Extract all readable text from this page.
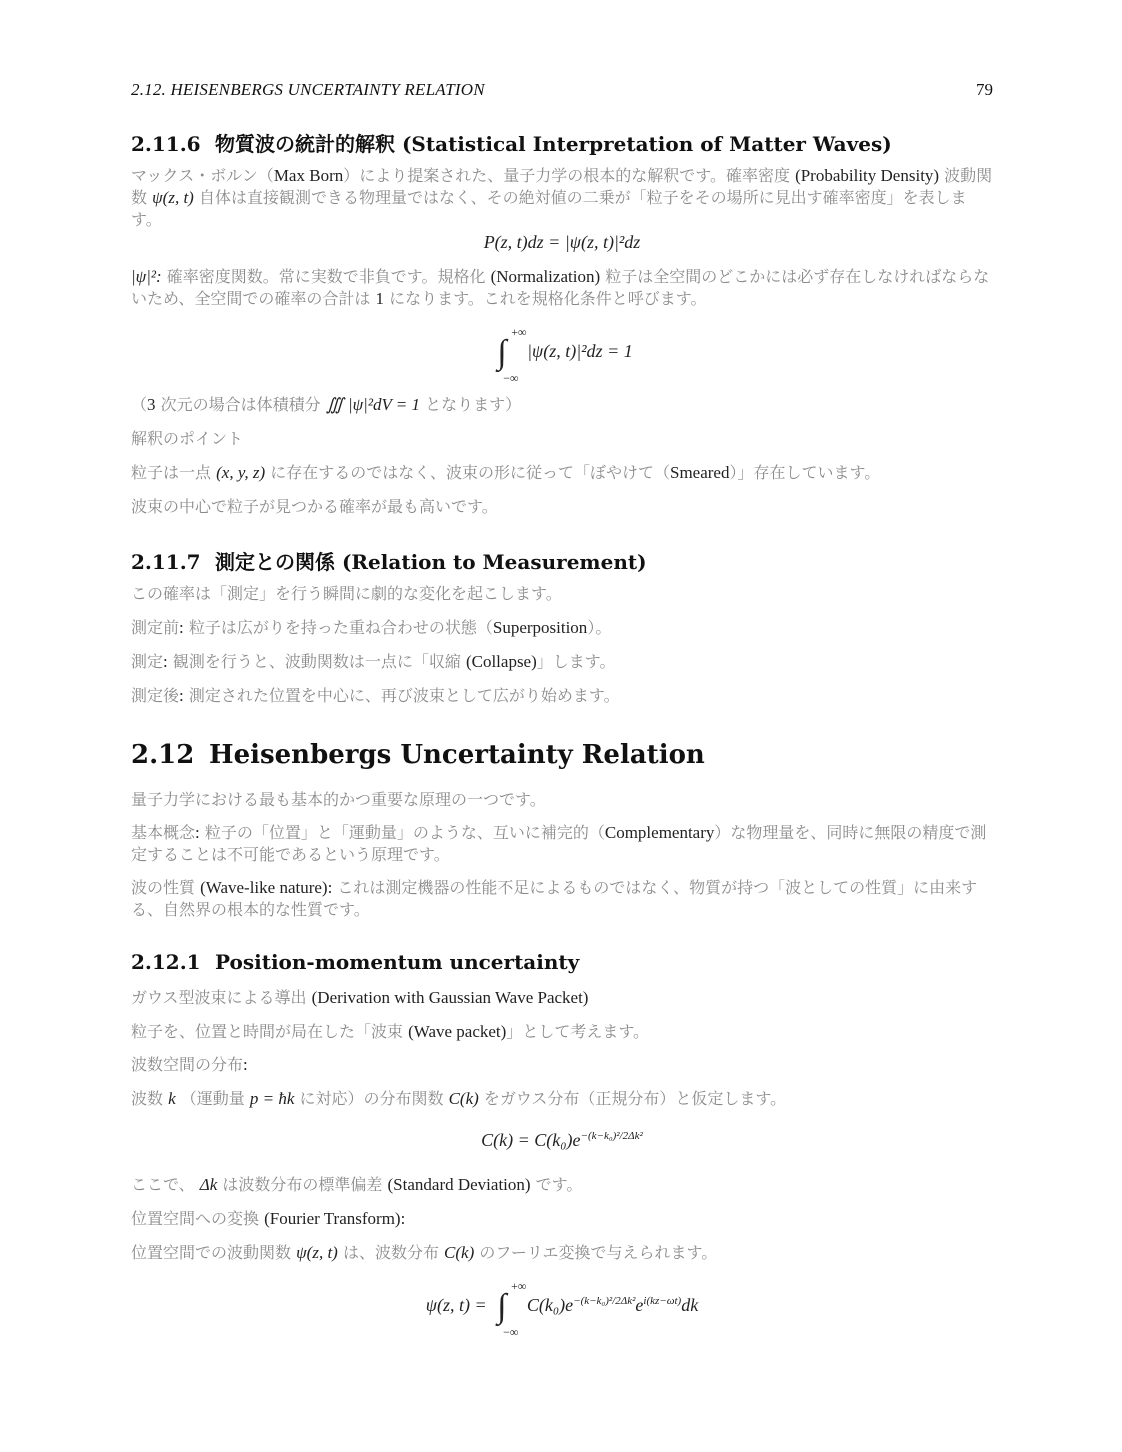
2.12. HEISENBERGS UNCERTAINTY RELATION	79
2.11.6 物質波の統計的解釈 (Statistical Interpretation of Matter Waves)
マックス・ボルン（Max Born）により提案された、量子力学の根本的な解釈です。確率密度 (Probability Density) 波動関数 ψ(z, t) 自体は直接観測できる物理量ではなく、その絶対値の二乗が「粒子をその場所に見出す確率密度」を表します。
P(z, t)dz = |ψ(z, t)|²dz
|ψ|²: 確率密度関数。常に実数で非負です。規格化 (Normalization) 粒子は全空間のどこかには必ず存在しなければならないため、全空間での確率の合計は 1 になります。これを規格化条件と呼びます。
∫
+∞
−∞
|ψ(z, t)|²dz = 1
（3 次元の場合は体積積分 ∭ |ψ|²dV = 1 となります）
解釈のポイント
粒子は一点 (x, y, z) に存在するのではなく、波束の形に従って「ぼやけて（Smeared）」存在しています。
波束の中心で粒子が見つかる確率が最も高いです。
2.11.7 測定との関係 (Relation to Measurement)
この確率は「測定」を行う瞬間に劇的な変化を起こします。
測定前: 粒子は広がりを持った重ね合わせの状態（Superposition）。
測定: 観測を行うと、波動関数は一点に「収縮 (Collapse)」します。
測定後: 測定された位置を中心に、再び波束として広がり始めます。
2.12 Heisenbergs Uncertainty Relation
量子力学における最も基本的かつ重要な原理の一つです。
基本概念: 粒子の「位置」と「運動量」のような、互いに補完的（Complementary）な物理量を、同時に無限の精度で測定することは不可能であるという原理です。
波の性質 (Wave-like nature): これは測定機器の性能不足によるものではなく、物質が持つ「波としての性質」に由来する、自然界の根本的な性質です。
2.12.1 Position-momentum uncertainty
ガウス型波束による導出 (Derivation with Gaussian Wave Packet)
粒子を、位置と時間が局在した「波束 (Wave packet)」として考えます。
波数空間の分布:
波数 k （運動量 p = ħk に対応）の分布関数 C(k) をガウス分布（正規分布）と仮定します。
$C(k) = C(k_0)e^{-(k-k_0)^2/2\Delta k^2}$
ここで、 Δk は波数分布の標準偏差 (Standard Deviation) です。
位置空間への変換 (Fourier Transform):
位置空間での波動関数 ψ(z, t) は、波数分布 C(k) のフーリエ変換で与えられます。
ψ(z, t) = ∫
+∞
−∞
$C(k_0)e^{-(k-k_0)^2/2\Delta k^2}e^{i(kz-\omega t)}dk$
